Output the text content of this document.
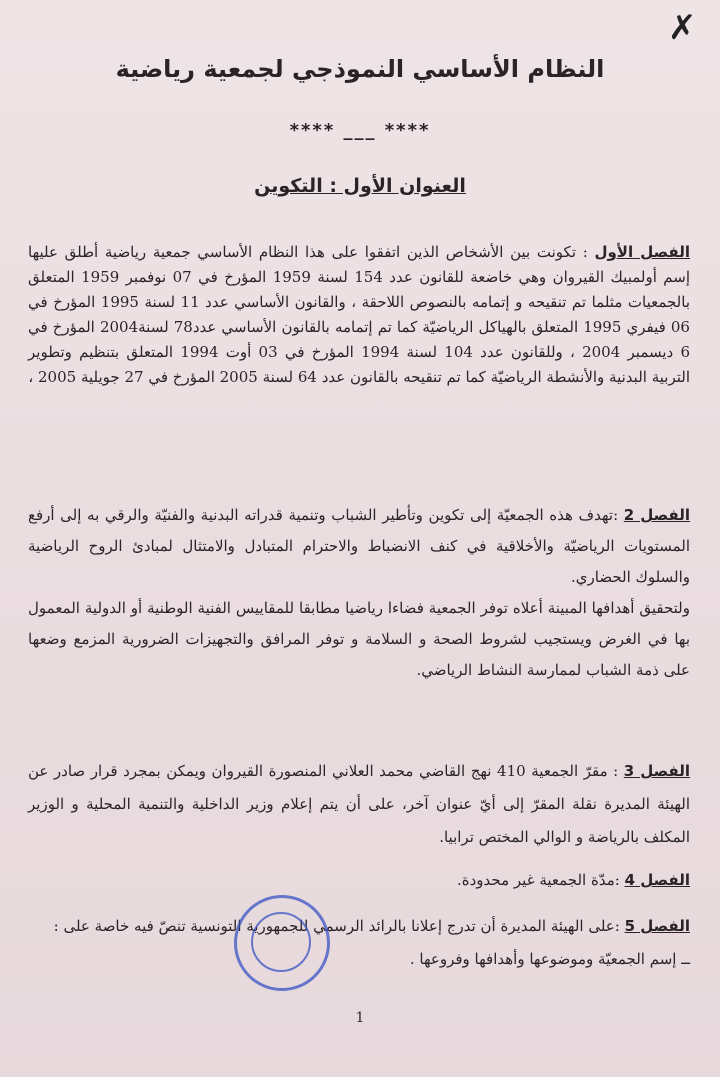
✗
النظام الأساسي النموذجي لجمعية رياضية
**** ___ ****
العنوان الأول : التكوين

الفصل الأول : تكونت بين الأشخاص الذين اتفقوا على هذا النظام الأساسي جمعية رياضية أطلق عليها إسم أولمبيك القيروان وهي خاضعة للقانون عدد 154 لسنة 1959 المؤرخ في 07 نوفمبر 1959 المتعلق بالجمعيات مثلما تم تنقيحه و إتمامه بالنصوص اللاحقة ، والقانون الأساسي عدد 11 لسنة 1995 المؤرخ في 06 فيفري 1995 المتعلق بالهياكل الرياضيّة كما تم إتمامه بالقانون الأساسي عدد78 لسنة2004 المؤرخ في 6 ديسمبر 2004 ، وللقانون عدد 104 لسنة 1994 المؤرخ في 03 أوت 1994 المتعلق بتنظيم وتطوير التربية البدنية والأنشطة الرياضيّة كما تم تنقيحه بالقانون عدد 64 لسنة 2005 المؤرخ في 27 جويلية 2005 ،

الفصل 2 :تهدف هذه الجمعيّة إلى تكوين وتأطير الشباب وتنمية قدراته البدنية والفنيّة والرقي به إلى أرفع المستويات الرياضيّة والأخلاقية في كنف الانضباط والاحترام المتبادل والامتثال لمبادئ الروح الرياضية والسلوك الحضاري.

ولتحقيق أهدافها المبينة أعلاه توفر الجمعية فضاءا رياضيا مطابقا للمقاييس الفنية الوطنية أو الدولية المعمول بها في الغرض ويستجيب لشروط الصحة و السلامة و توفر المرافق والتجهيزات الضرورية المزمع وضعها على ذمة الشباب لممارسة النشاط الرياضي.

الفصل 3 : مقرّ الجمعية 410 نهج القاضي محمد العلاني المنصورة القيروان ويمكن بمجرد قرار صادر عن الهيئة المديرة نقلة المقرّ إلى أيّ عنوان آخر، على أن يتم إعلام وزير الداخلية والتنمية المحلية و الوزير المكلف بالرياضة و الوالي المختص ترابيا.

الفصل 4 :مدّة الجمعية غير محدودة.

الفصل 5 :على الهيئة المديرة أن تدرج إعلانا بالرائد الرسمي للجمهورية التونسية تنصّ فيه خاصة على :

ــ إسم الجمعيّة وموضوعها وأهدافها وفروعها .

1
